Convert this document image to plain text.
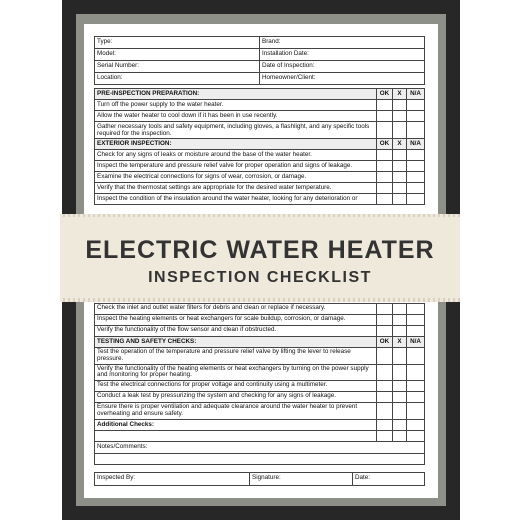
Type:	Brand:
Model:	Installation Date:
Serial Number:	Date of Inspection:
Location:	Homeowner/Client:
PRE-INSPECTION PREPARATION:	OK	X	N/A
Turn off the power supply to the water heater.			
Allow the water heater to cool down if it has been in use recently.			
Gather necessary tools and safety equipment, including gloves, a flashlight, and any specific tools required for the inspection.			
EXTERIOR INSPECTION:	OK	X	N/A
Check for any signs of leaks or moisture around the base of the water heater.			
Inspect the temperature and pressure relief valve for proper operation and signs of leakage.			
Examine the electrical connections for signs of wear, corrosion, or damage.			
Verify that the thermostat settings are appropriate for the desired water temperature.			
Inspect the condition of the insulation around the water heater, looking for any deterioration or			
Check the inlet and outlet water filters for debris and clean or replace if necessary.			
Inspect the heating elements or heat exchangers for scale buildup, corrosion, or damage.			
Verify the functionality of the flow sensor and clean if obstructed.			
TESTING AND SAFETY CHECKS:	OK	X	N/A
Test the operation of the temperature and pressure relief valve by lifting the lever to release pressure.			
Verify the functionality of the heating elements or heat exchangers by turning on the power supply and monitoring for proper heating.			
Test the electrical connections for proper voltage and continuity using a multimeter.			
Conduct a leak test by pressurizing the system and checking for any signs of leakage.			
Ensure there is proper ventilation and adequate clearance around the water heater to prevent overheating and ensure safety.			
Additional Checks:			

Notes/Comments:			

Inspected By:	Signature:	Date:
ELECTRIC WATER HEATER
INSPECTION CHECKLIST
